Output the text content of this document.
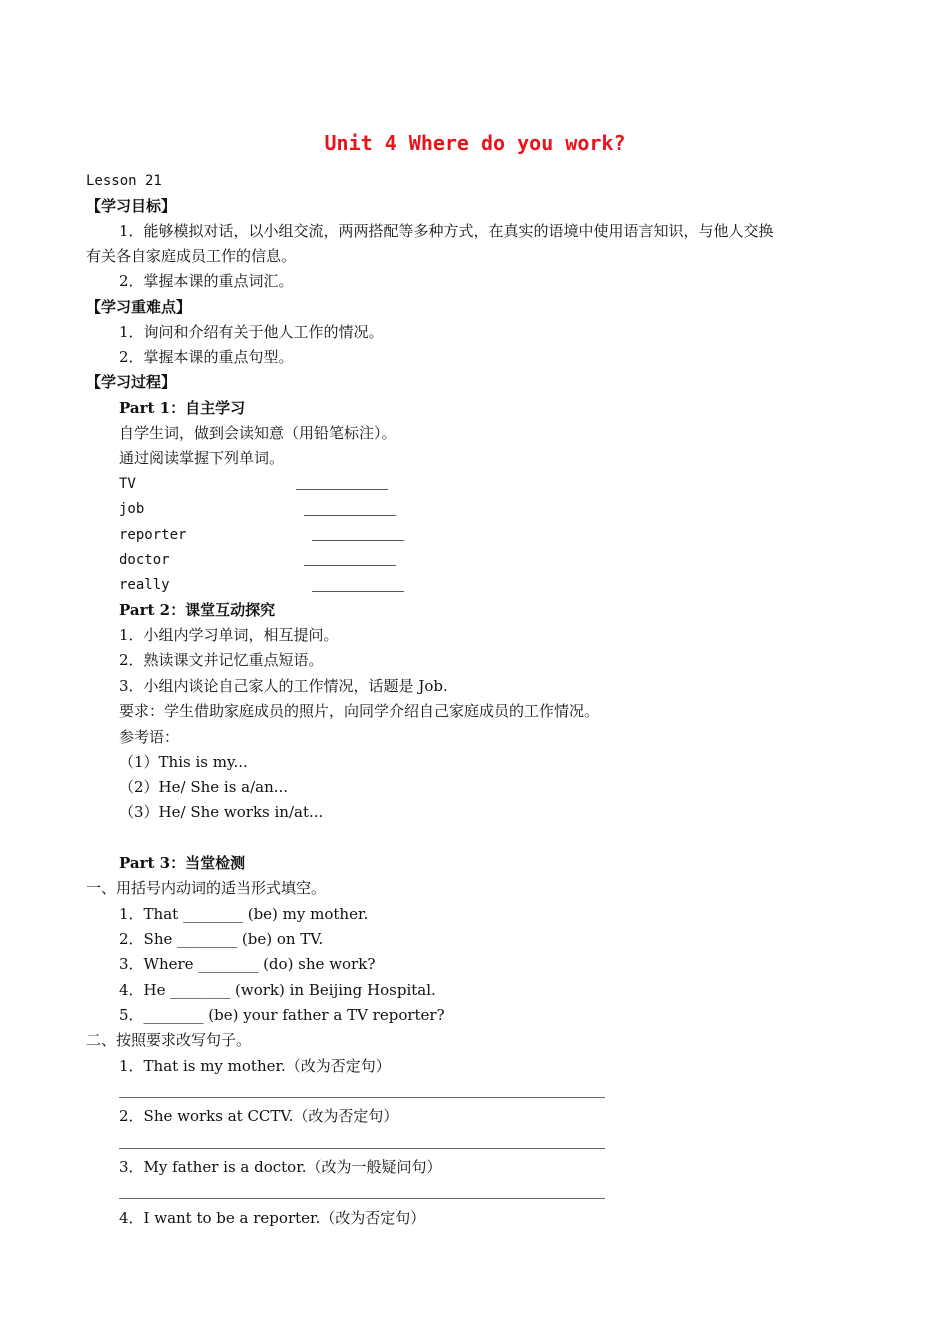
Unit 4 Where do you work?
Lesson 21
【学习目标】
1．能够模拟对话，以小组交流，两两搭配等多种方式，在真实的语境中使用语言知识，与他人交换
有关各自家庭成员工作的信息。
2．掌握本课的重点词汇。
【学习重难点】
1．询问和介绍有关于他人工作的情况。
2．掌握本课的重点句型。
【学习过程】
Part 1：自主学习
自学生词，做到会读知意（用铅笔标注）。
通过阅读掌握下列单词。
TV
job
reporter
doctor
really
Part 2：课堂互动探究
1．小组内学习单词，相互提问。
2．熟读课文并记忆重点短语。
3．小组内谈论自己家人的工作情况，话题是 Job.
要求：学生借助家庭成员的照片，向同学介绍自己家庭成员的工作情况。
参考语：
（1）This is my...
（2）He/ She is a/an...
（3）He/ She works in/at...
Part 3：当堂检测
一、用括号内动词的适当形式填空。
1．That ________ (be) my mother.
2．She ________ (be) on TV.
3．Where ________ (do) she work?
4．He ________ (work) in Beijing Hospital.
5．________ (be) your father a TV reporter?
二、按照要求改写句子。
1．That is my mother.（改为否定句）
2．She works at CCTV.（改为否定句）
3．My father is a doctor.（改为一般疑问句）
4．I want to be a reporter.（改为否定句）
